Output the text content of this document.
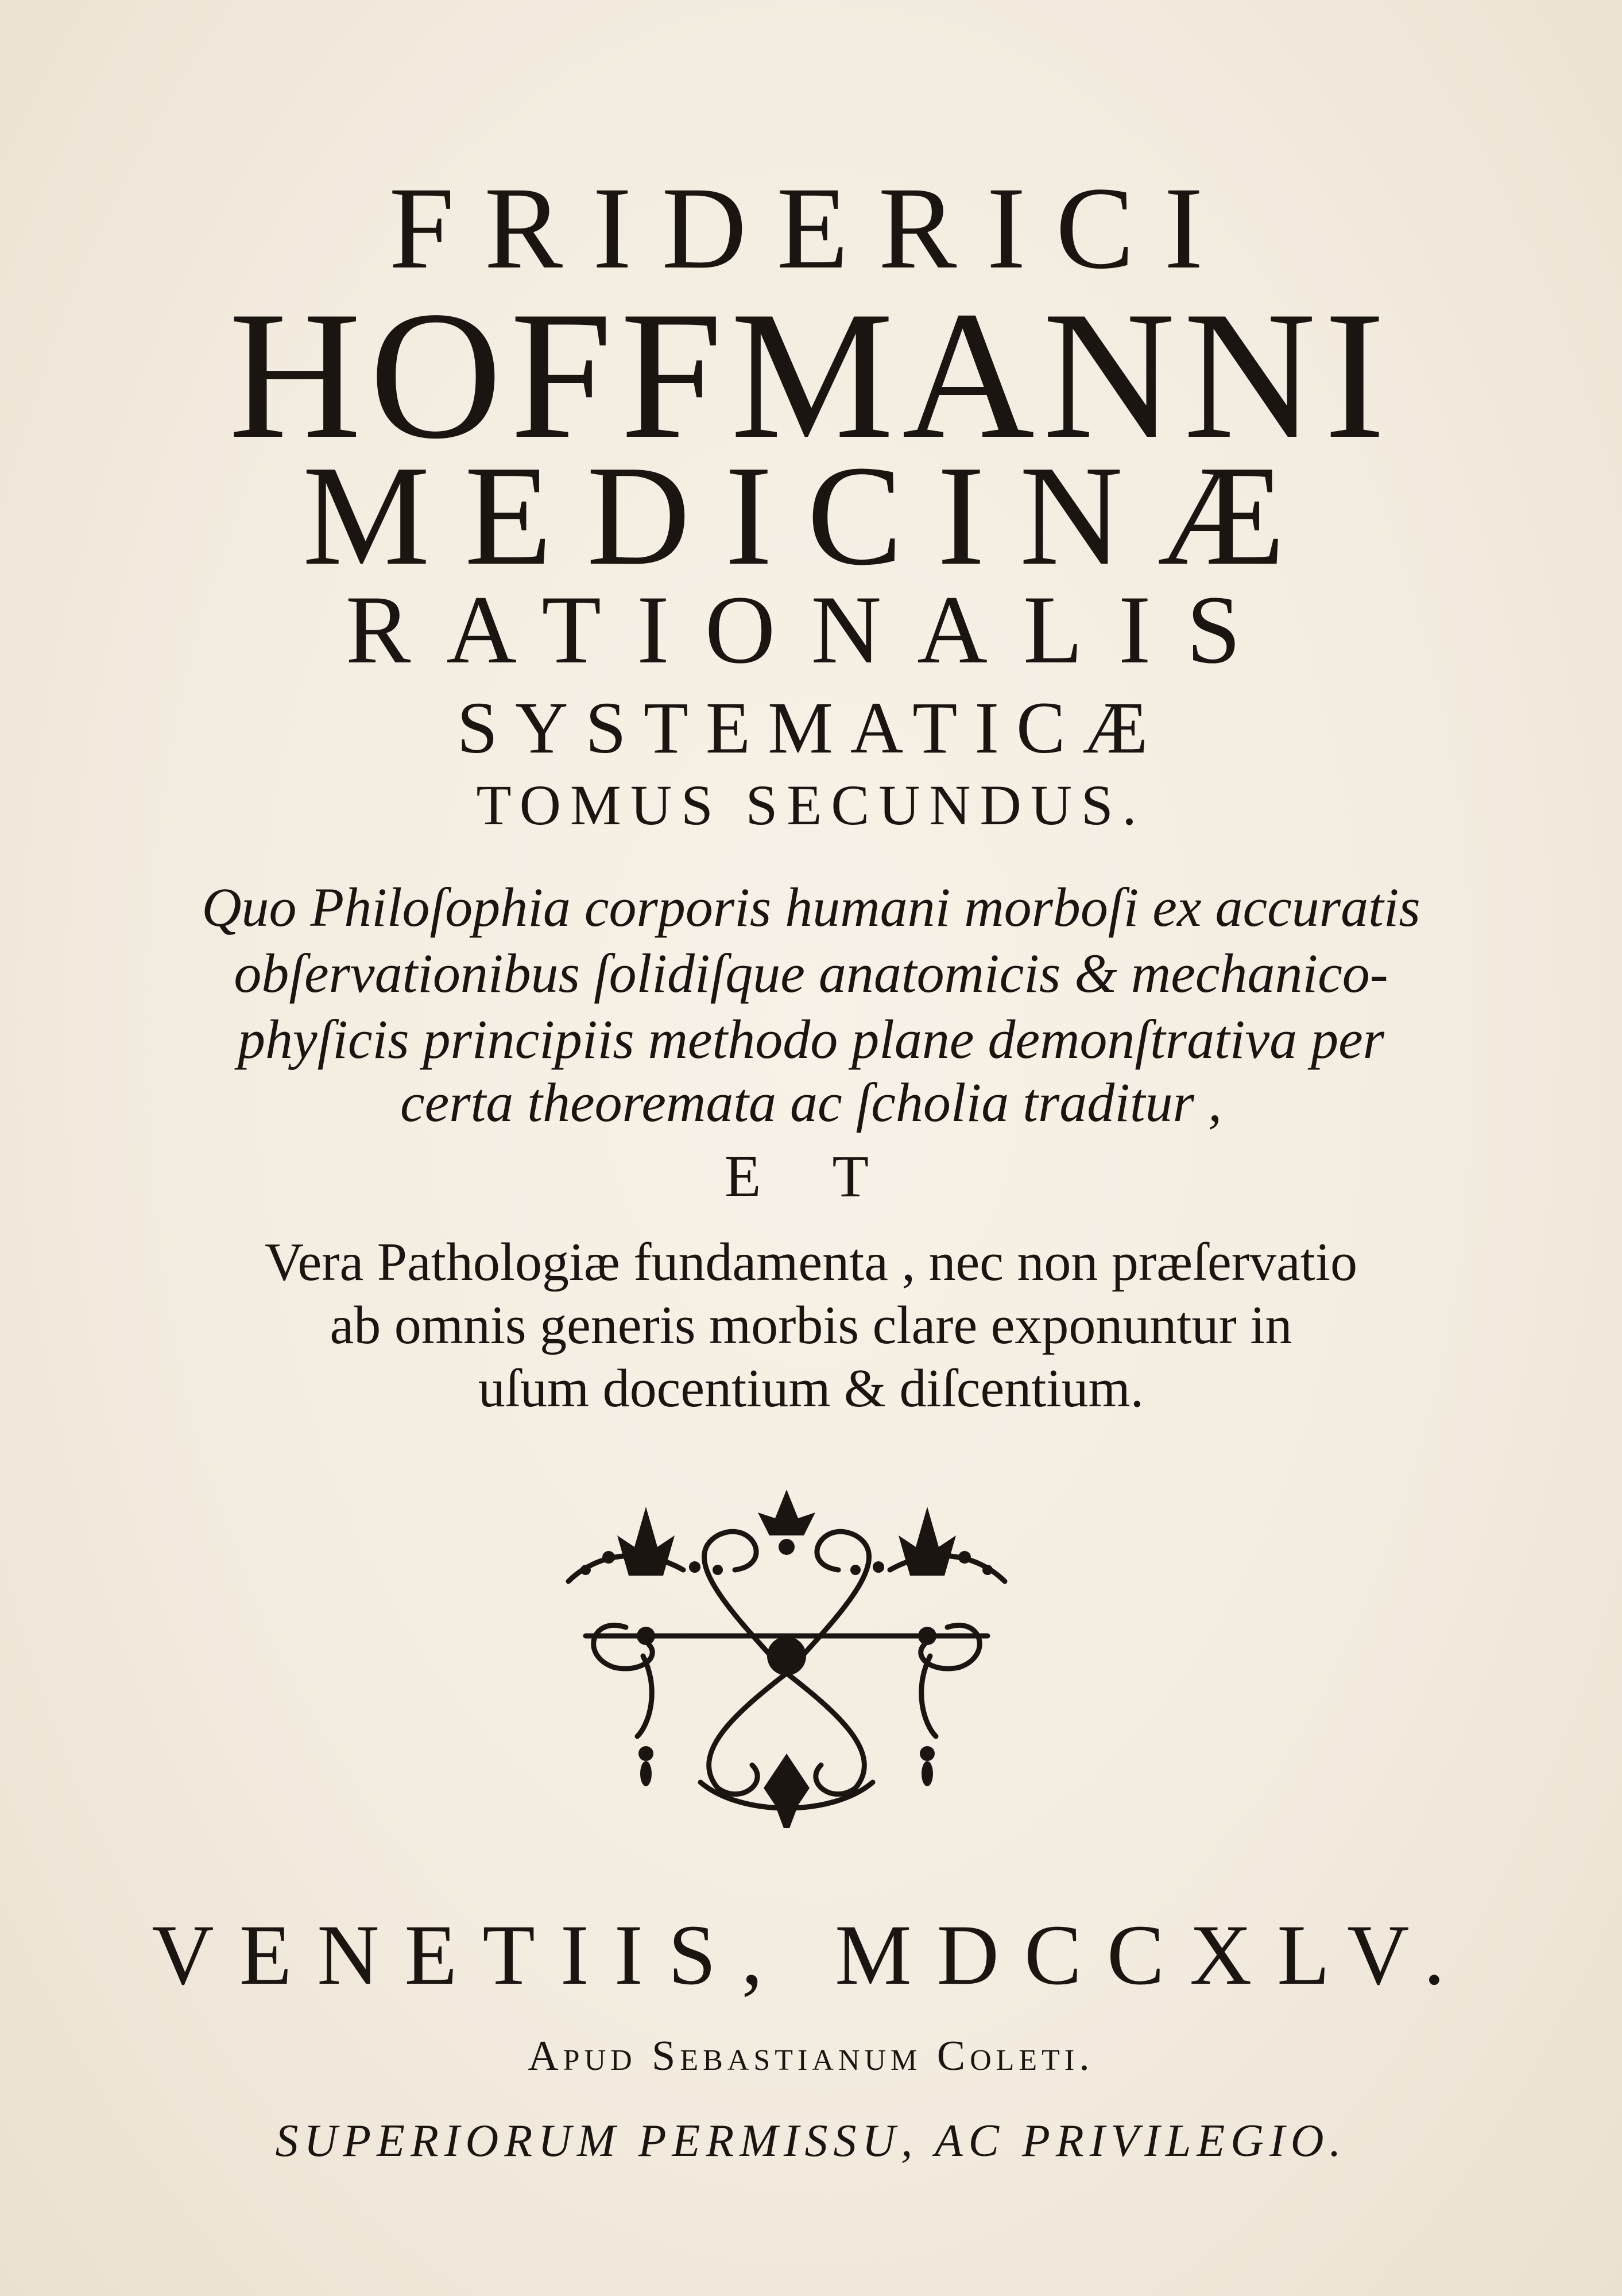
FRIDERICI
HOFFMANNI
MEDICINÆ
RATIONALIS
SYSTEMATICÆ
TOMUS SECUNDUS.
Quo Philoſophia corporis humani morboſi ex accuratis
obſervationibus ſolidiſque anatomicis & mechanico-
phyſicis principiis methodo plane demonſtrativa per
certa theoremata ac ſcholia traditur ,
E T
Vera Pathologiæ fundamenta , nec non præſervatio
ab omnis generis morbis clare exponuntur in
uſum docentium & diſcentium.
VENETIIS, MDCCXLV.
Apud Sebastianum Coleti.
SUPERIORUM PERMISSU, AC PRIVILEGIO.
